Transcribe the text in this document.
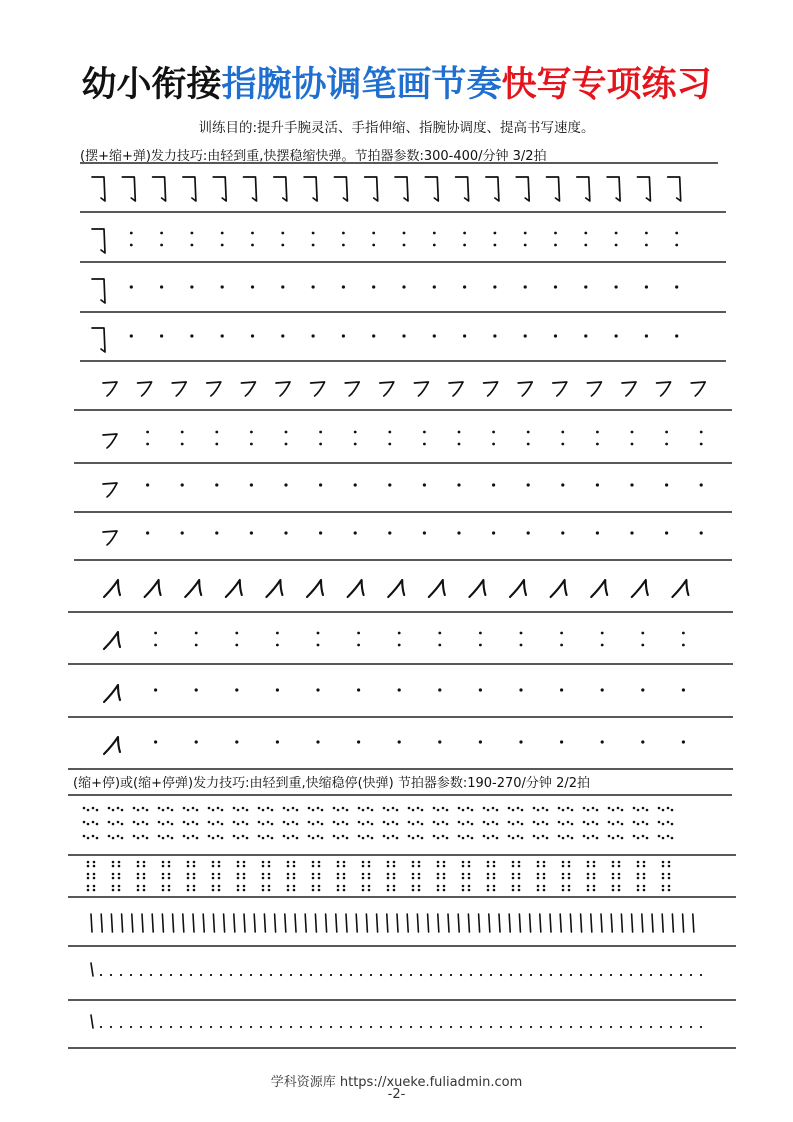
幼小衔接指腕协调笔画节奏快写专项练习
训练目的:提升手腕灵活、手指伸缩、指腕协调度、提高书写速度。
(摆+缩+弹)发力技巧:由轻到重,快摆稳缩快弹。节拍器参数:300-400/分钟 3/2拍
(缩+停)或(缩+停弹)发力技巧:由轻到重,快缩稳停(快弹) 节拍器参数:190-270/分钟 2/2拍
学科资源库 https://xueke.fuliadmin.com
-2-
